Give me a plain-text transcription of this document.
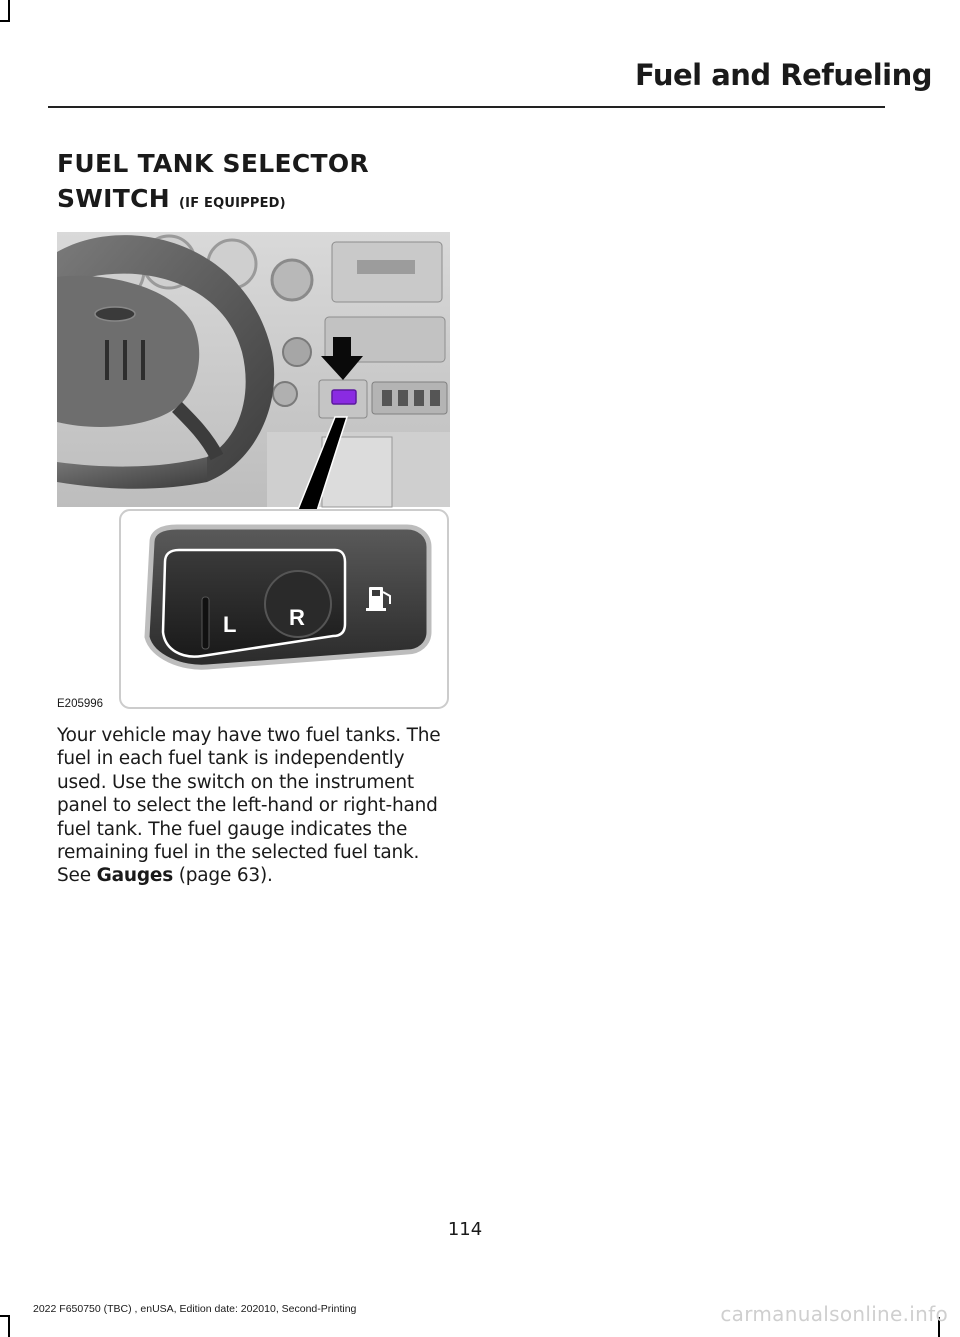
Fuel and Refueling
FUEL TANK SELECTOR SWITCH (IF EQUIPPED)
L R
E205996
Your vehicle may have two fuel tanks. The fuel in each fuel tank is independently used. Use the switch on the instrument panel to select the left-hand or right-hand fuel tank. The fuel gauge indicates the remaining fuel in the selected fuel tank. See Gauges (page 63).
114
2022 F650750 (TBC) , enUSA, Edition date: 202010, Second-Printing	carmanualsonline.info
